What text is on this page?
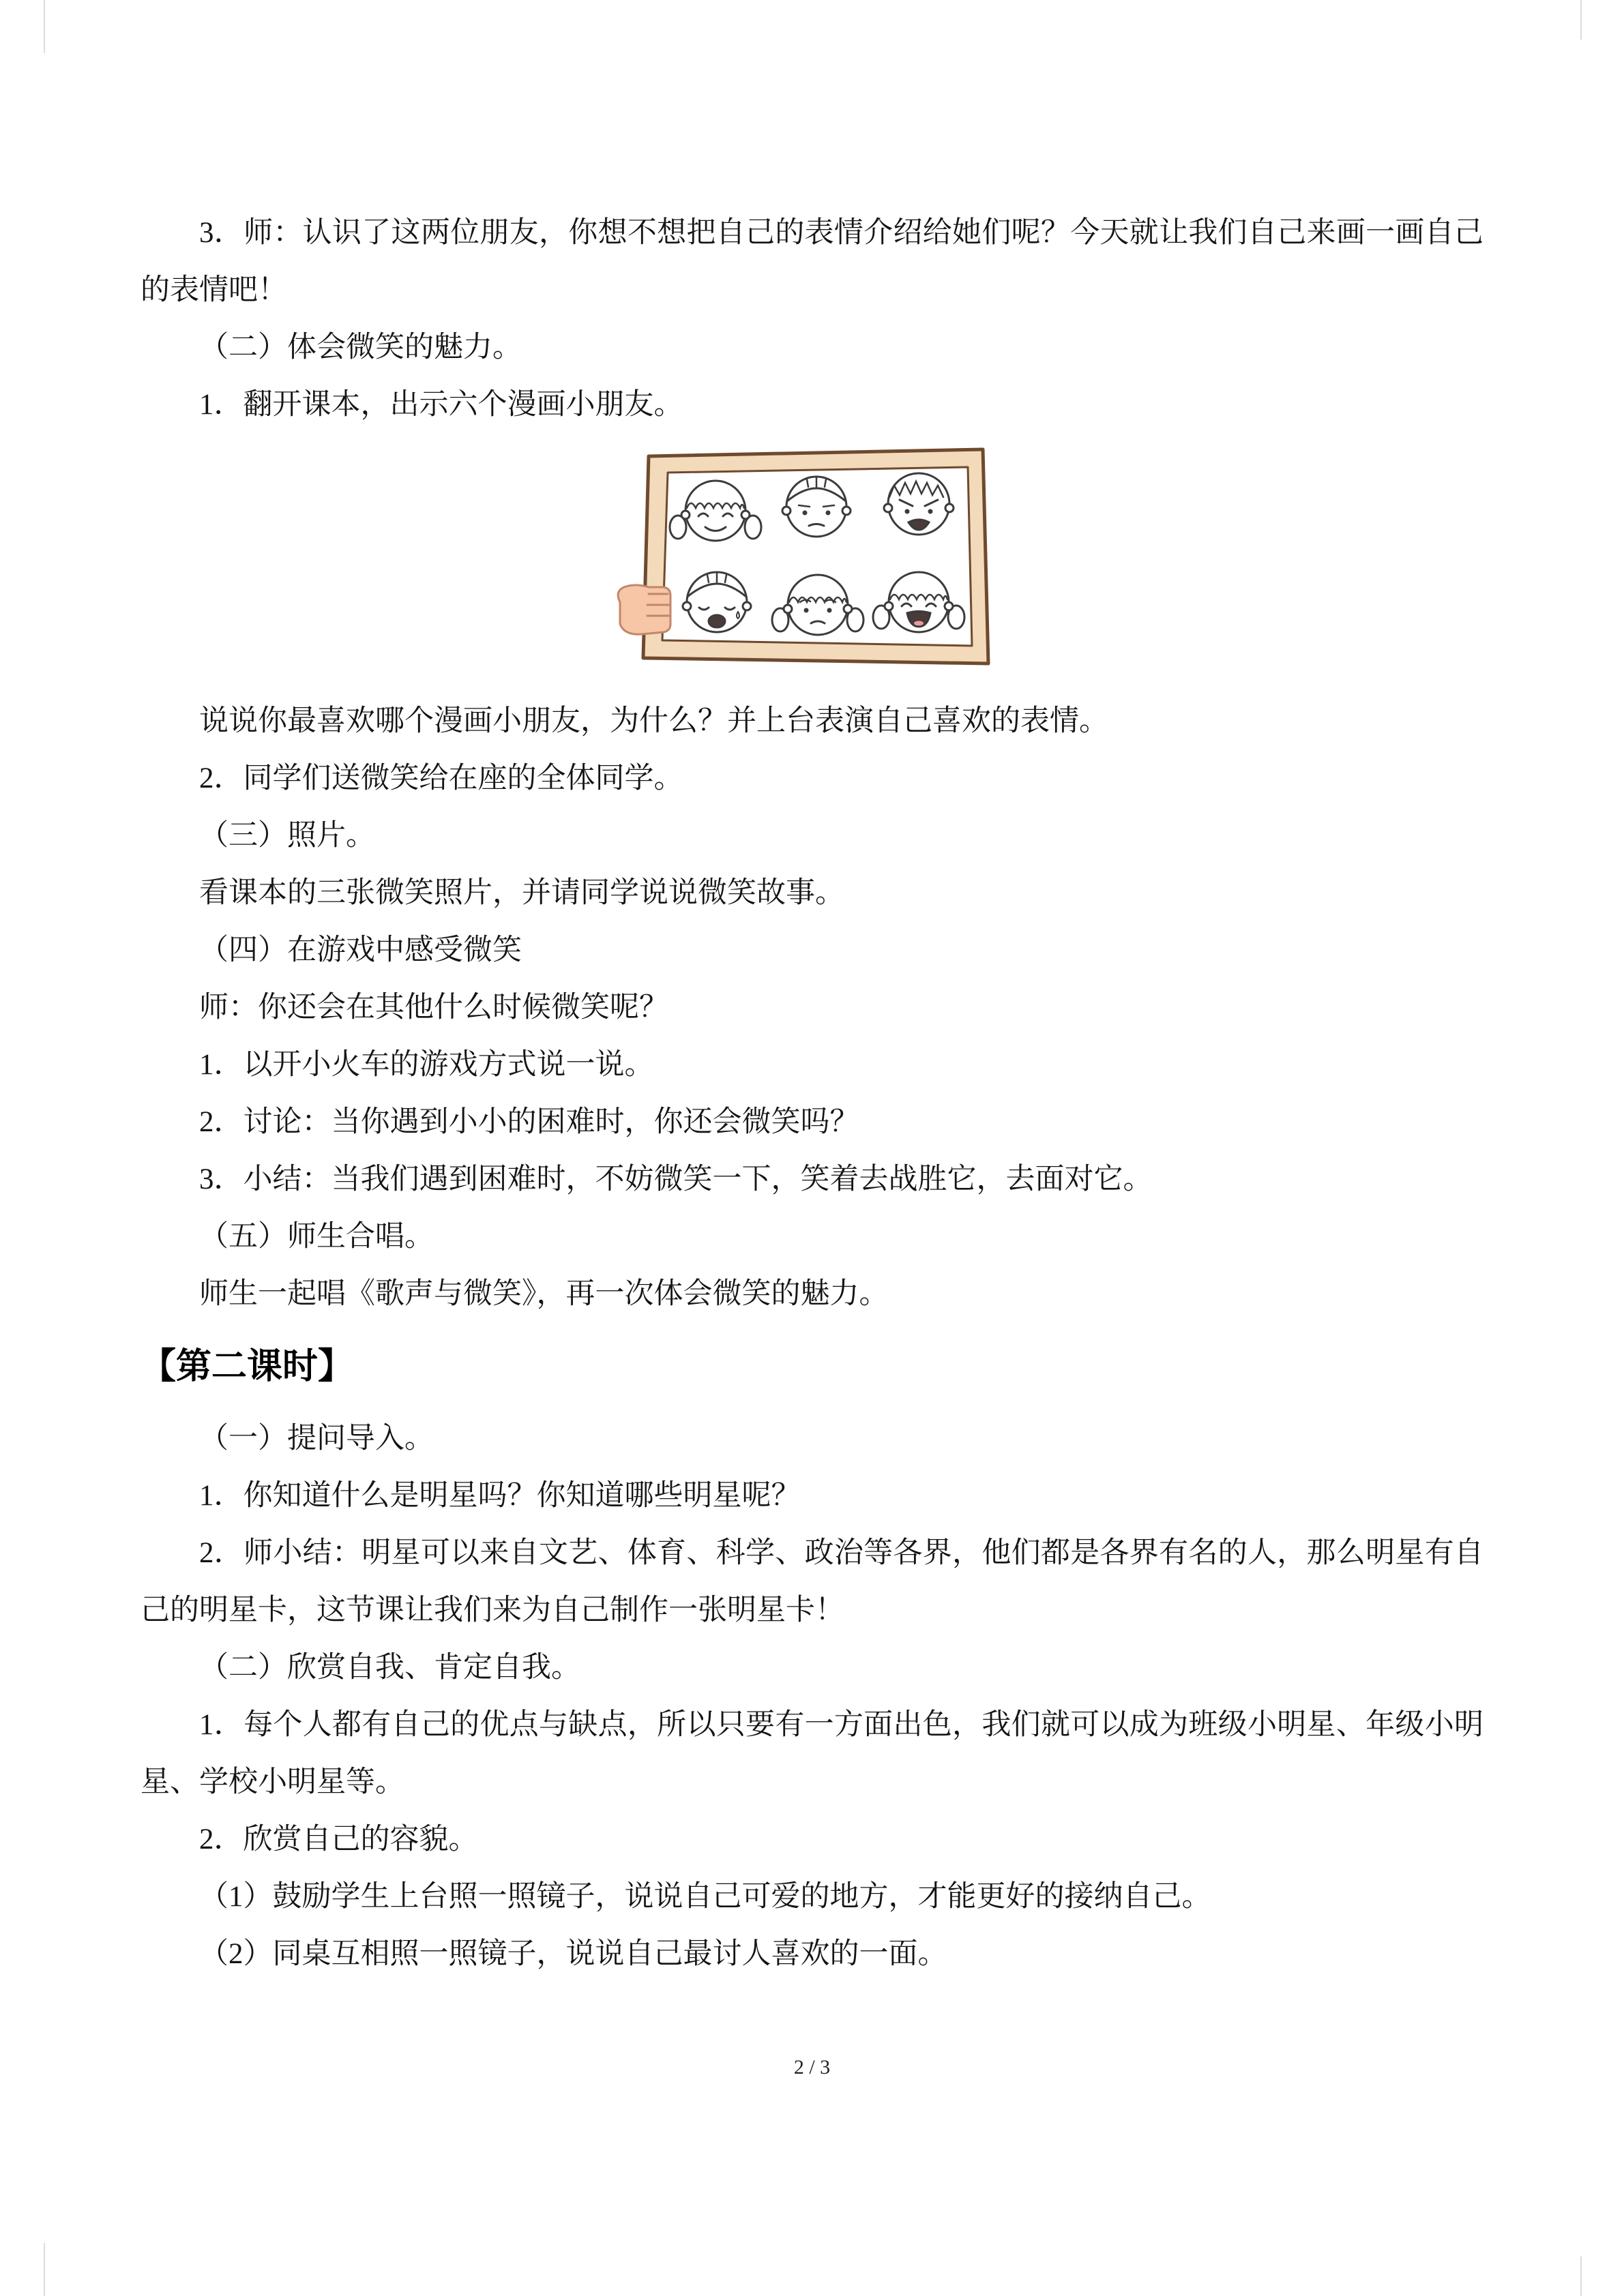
3．师：认识了这两位朋友，你想不想把自己的表情介绍给她们呢？今天就让我们自己来画一画自己的表情吧！

（二）体会微笑的魅力。

1．翻开课本，出示六个漫画小朋友。

说说你最喜欢哪个漫画小朋友，为什么？并上台表演自己喜欢的表情。

2．同学们送微笑给在座的全体同学。

（三）照片。

看课本的三张微笑照片，并请同学说说微笑故事。

（四）在游戏中感受微笑

师：你还会在其他什么时候微笑呢？

1．以开小火车的游戏方式说一说。

2．讨论：当你遇到小小的困难时，你还会微笑吗？

3．小结：当我们遇到困难时，不妨微笑一下，笑着去战胜它，去面对它。

（五）师生合唱。

师生一起唱《歌声与微笑》，再一次体会微笑的魅力。

【第二课时】

（一）提问导入。

1．你知道什么是明星吗？你知道哪些明星呢？

2．师小结：明星可以来自文艺、体育、科学、政治等各界，他们都是各界有名的人，那么明星有自己的明星卡，这节课让我们来为自己制作一张明星卡！

（二）欣赏自我、肯定自我。

1．每个人都有自己的优点与缺点，所以只要有一方面出色，我们就可以成为班级小明星、年级小明星、学校小明星等。

2．欣赏自己的容貌。

（1）鼓励学生上台照一照镜子，说说自己可爱的地方，才能更好的接纳自己。

（2）同桌互相照一照镜子，说说自己最讨人喜欢的一面。

2 / 3
